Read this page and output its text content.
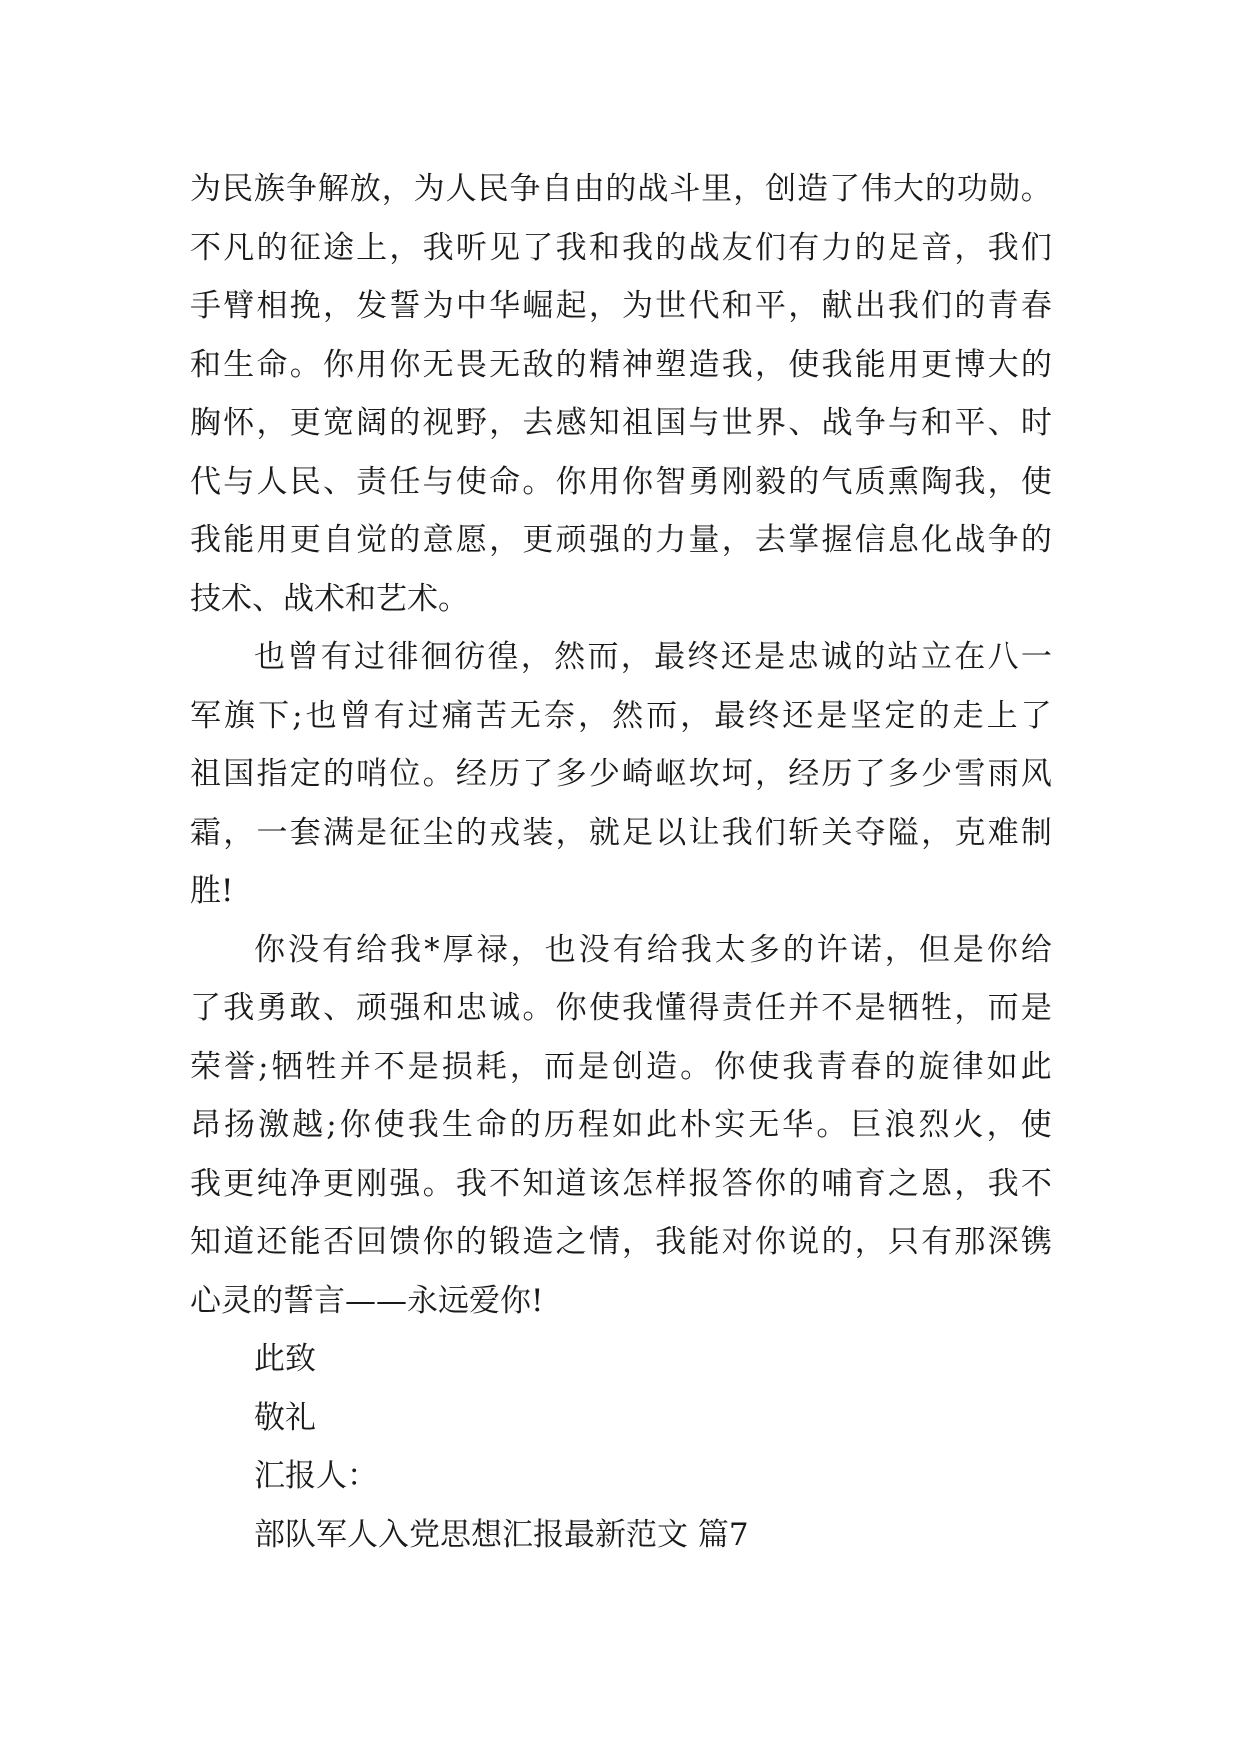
为 民 族 争 解 放 ， 为 人 民 争 自 由 的 战 斗 里 ， 创 造 了 伟 大 的 功 勋 。
不 凡 的 征 途 上 ， 我 听 见 了 我 和 我 的 战 友 们 有 力 的 足 音 ， 我 们
手 臂 相 挽 ， 发 誓 为 中 华 崛 起 ， 为 世 代 和 平 ， 献 出 我 们 的 青 春
和 生 命 。 你 用 你 无 畏 无 敌 的 精 神 塑 造 我 ， 使 我 能 用 更 博 大 的
胸 怀 ， 更 宽 阔 的 视 野 ， 去 感 知 祖 国 与 世 界 、 战 争 与 和 平 、 时
代 与 人 民 、 责 任 与 使 命 。 你 用 你 智 勇 刚 毅 的 气 质 熏 陶 我 ， 使
我 能 用 更 自 觉 的 意 愿 ， 更 顽 强 的 力 量 ， 去 掌 握 信 息 化 战 争 的
技术、战术和艺术。
也 曾 有 过 徘 徊 彷 徨 ， 然 而 ， 最 终 还 是 忠 诚 的 站 立 在 八 一
军 旗 下 ; 也 曾 有 过 痛 苦 无 奈 ， 然 而 ， 最 终 还 是 坚 定 的 走 上 了
祖 国 指 定 的 哨 位 。 经 历 了 多 少 崎 岖 坎 坷 ， 经 历 了 多 少 雪 雨 风
霜 ， 一 套 满 是 征 尘 的 戎 装 ， 就 足 以 让 我 们 斩 关 夺 隘 ， 克 难 制
胜!
你 没 有 给 我 * 厚 禄 ， 也 没 有 给 我 太 多 的 许 诺 ， 但 是 你 给
了 我 勇 敢 、 顽 强 和 忠 诚 。 你 使 我 懂 得 责 任 并 不 是 牺 牲 ， 而 是
荣 誉 ; 牺 牲 并 不 是 损 耗 ， 而 是 创 造 。 你 使 我 青 春 的 旋 律 如 此
昂 扬 激 越 ; 你 使 我 生 命 的 历 程 如 此 朴 实 无 华 。 巨 浪 烈 火 ， 使
我 更 纯 净 更 刚 强 。 我 不 知 道 该 怎 样 报 答 你 的 哺 育 之 恩 ， 我 不
知 道 还 能 否 回 馈 你 的 锻 造 之 情 ， 我 能 对 你 说 的 ， 只 有 那 深 镌
心灵的誓言——永远爱你!
此致
敬礼
汇报人：
部队军人入党思想汇报最新范文 篇7
